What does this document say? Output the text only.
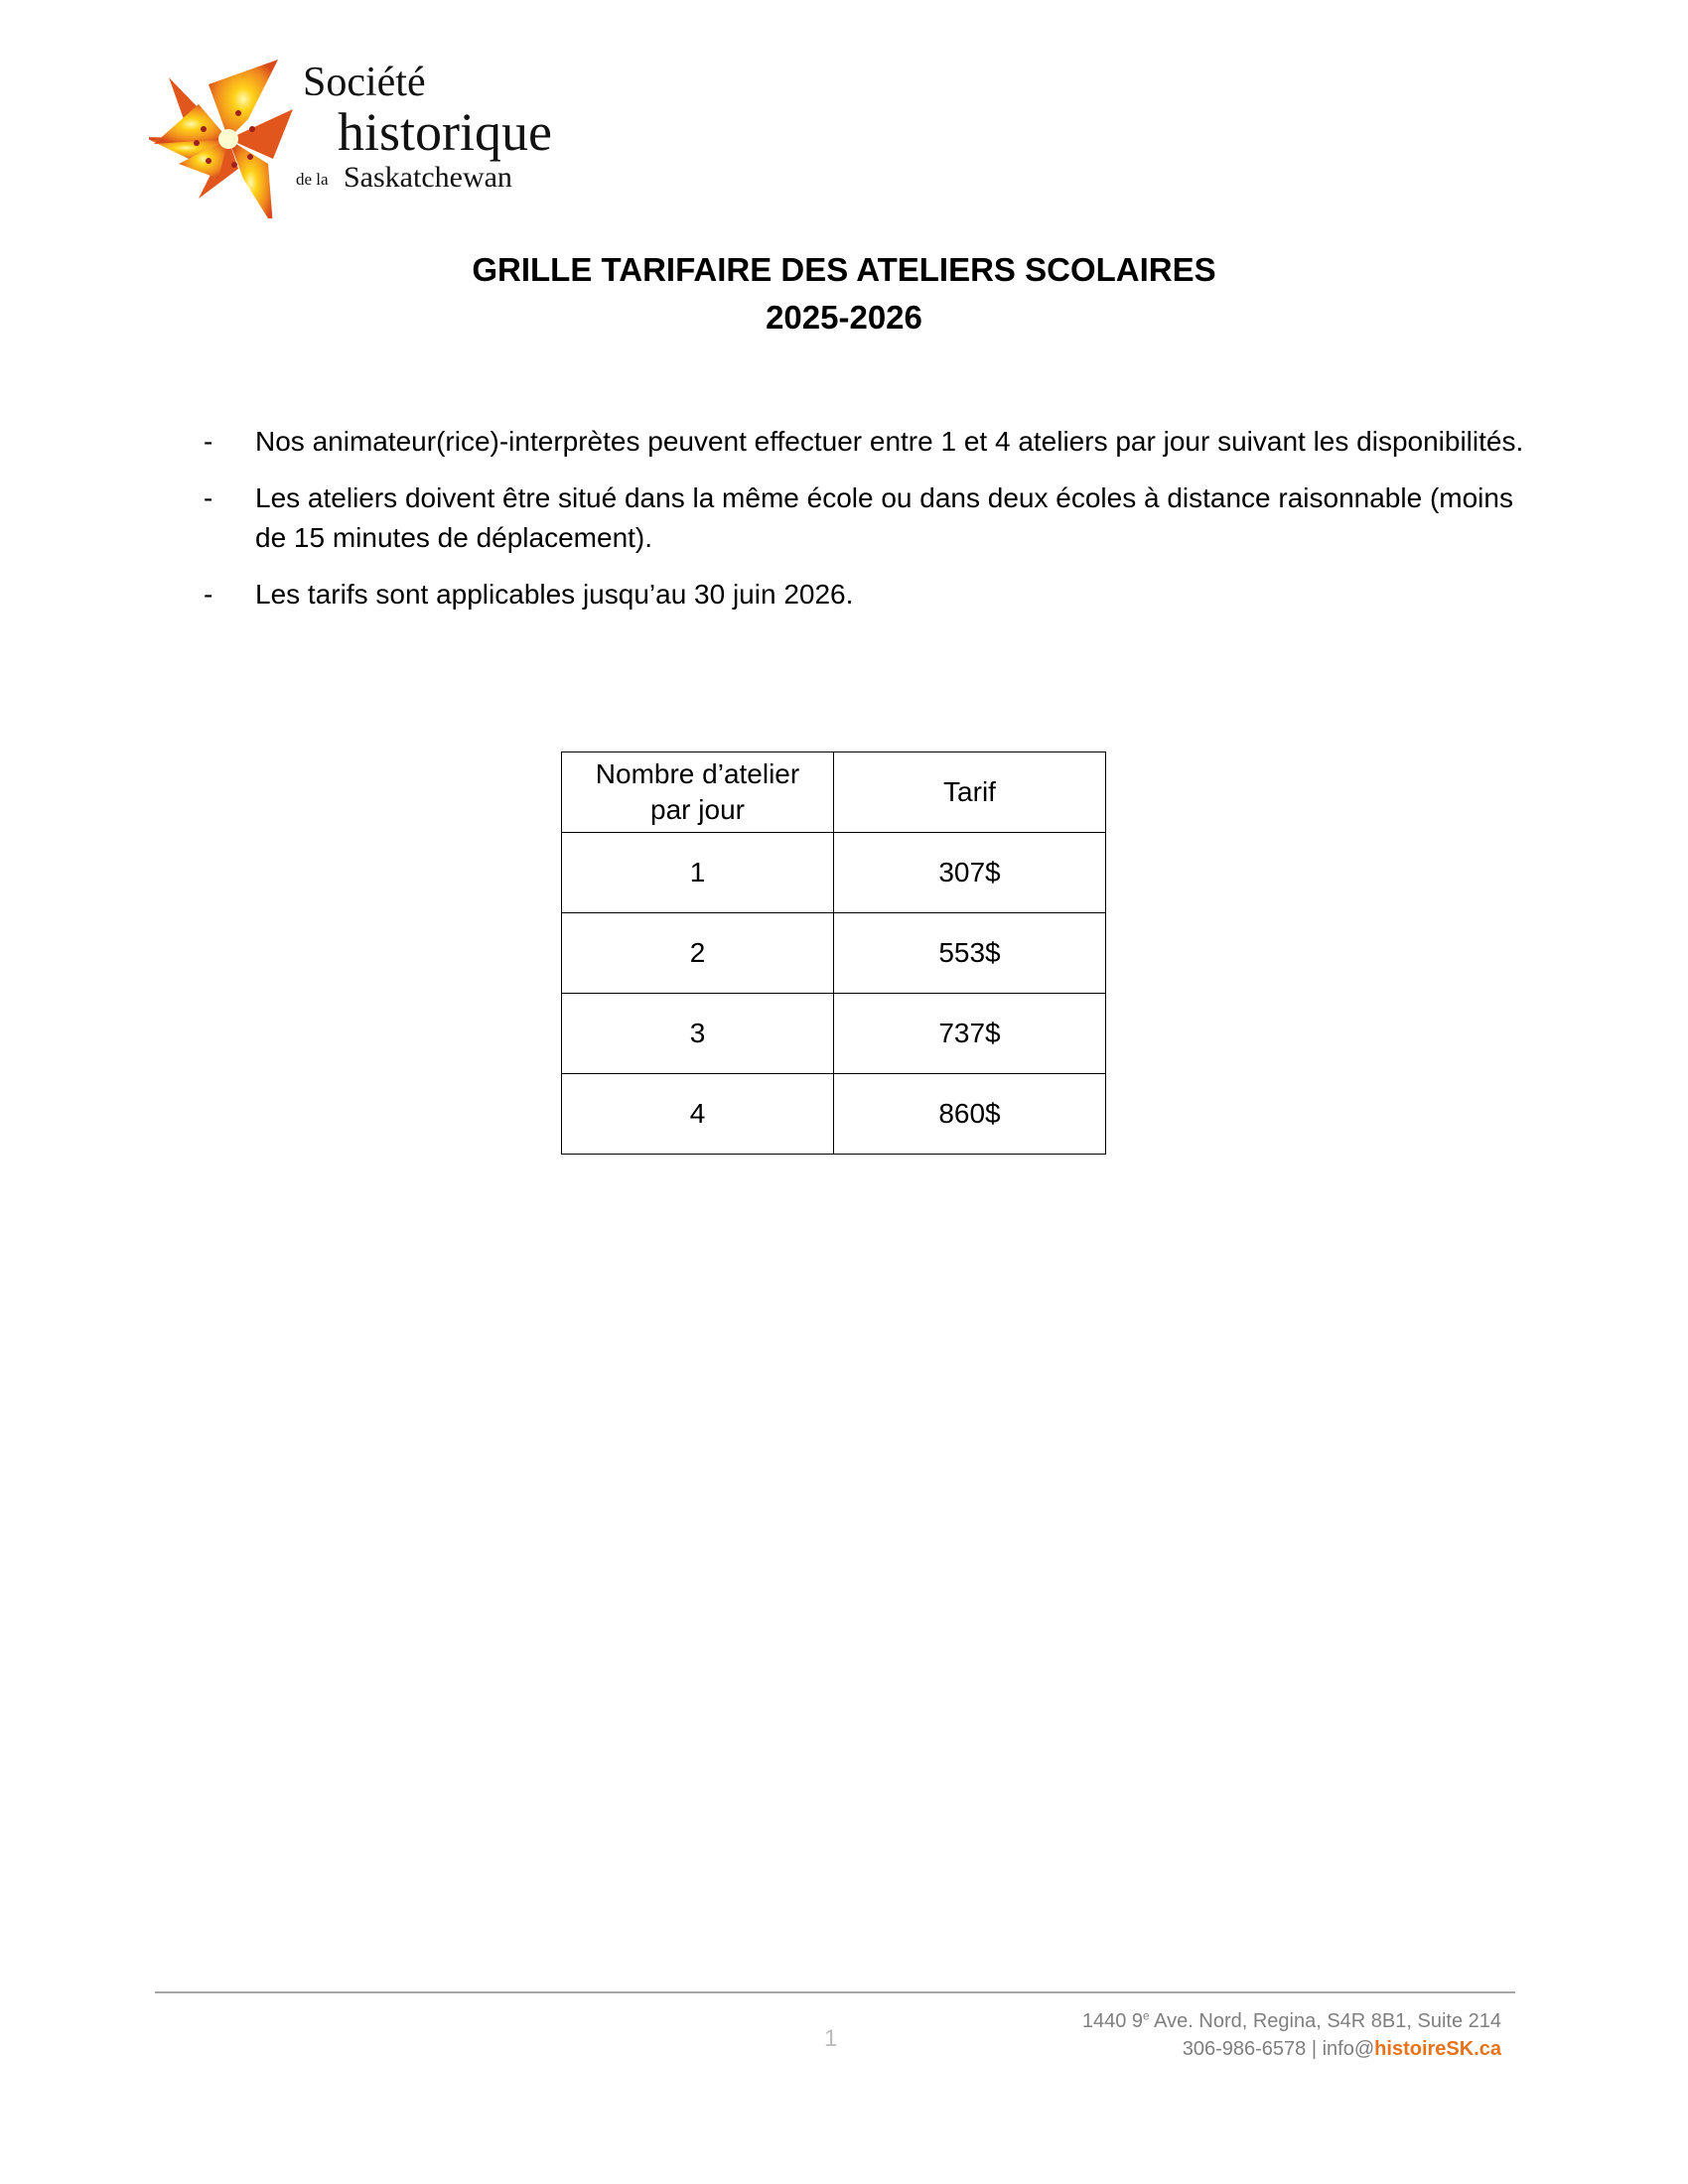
Société
historique
de la Saskatchewan
GRILLE TARIFAIRE DES ATELIERS SCOLAIRES
2025-2026
-	Nos animateur(rice)-interprètes peuvent effectuer entre 1 et 4 ateliers par jour suivant les disponibilités.
-	Les ateliers doivent être situé dans la même école ou dans deux écoles à distance raisonnable (moins de 15 minutes de déplacement).
-	Les tarifs sont applicables jusqu’au 30 juin 2026.
Nombre d’atelier par jour	Tarif
1	307$
2	553$
3	737$
4	860$
1
1440 9e Ave. Nord, Regina, S4R 8B1, Suite 214
306-986-6578 | info@histoireSK.ca
